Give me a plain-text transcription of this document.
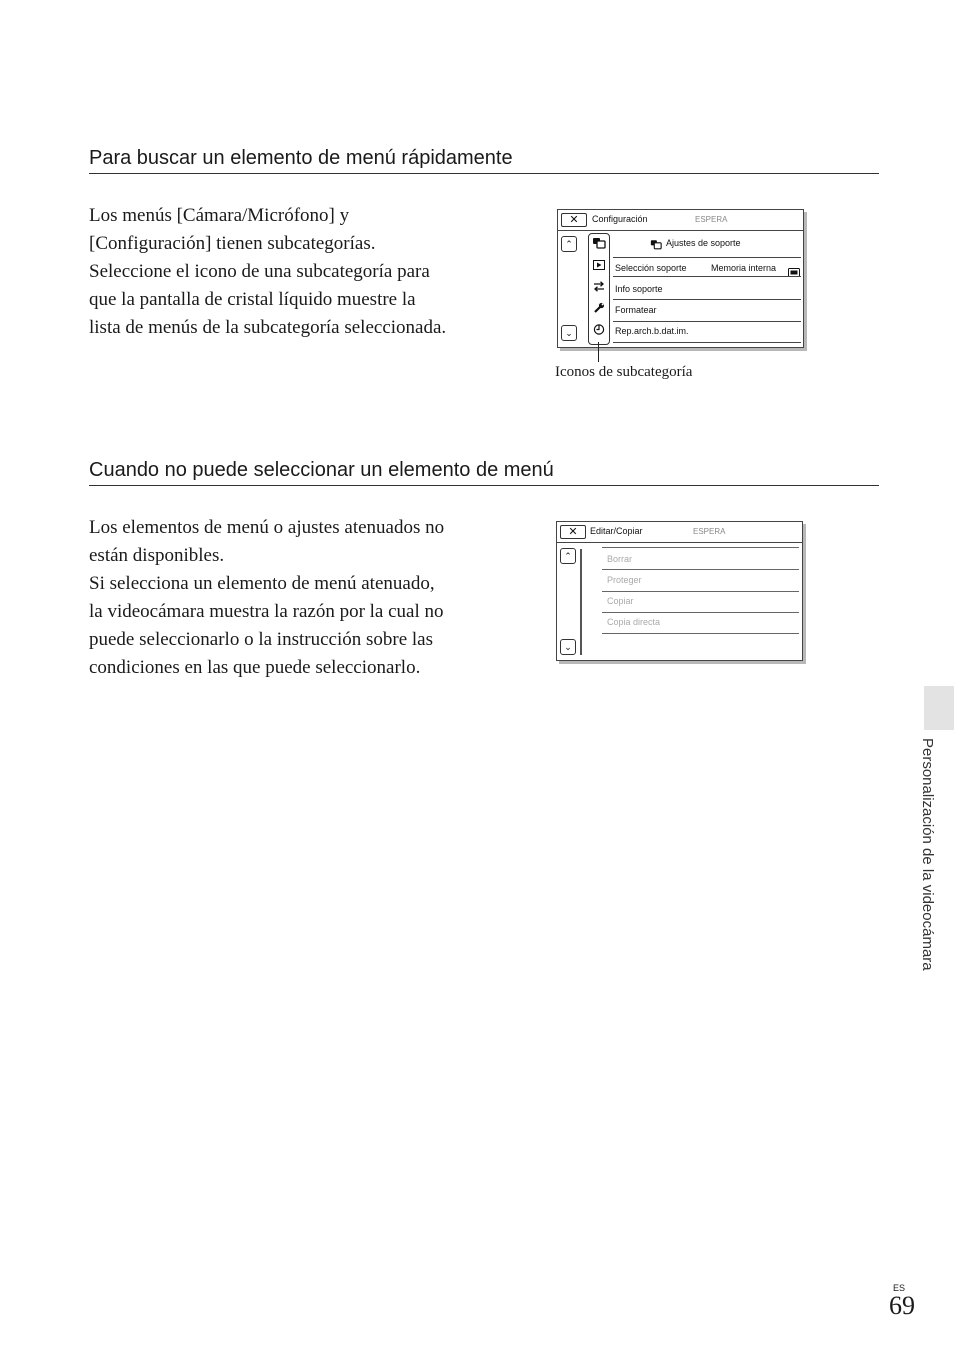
Para buscar un elemento de menú rápidamente
Los menús [Cámara/Micrófono] y
[Configuración] tienen subcategorías.
Seleccione el icono de una subcategoría para
que la pantalla de cristal líquido muestre la
lista de menús de la subcategoría seleccionada.
✕	Configuración	ESPERA
⌃
⌄
Ajustes de soporte
Selección soporte	Memoria interna
Info soporte
Formatear
Rep.arch.b.dat.im.
Iconos de subcategoría
Cuando no puede seleccionar un elemento de menú
Los elementos de menú o ajustes atenuados no
están disponibles.
Si selecciona un elemento de menú atenuado,
la videocámara muestra la razón por la cual no
puede seleccionarlo o la instrucción sobre las
condiciones en las que puede seleccionarlo.
✕	Editar/Copiar	ESPERA
⌃
⌄
Borrar
Proteger
Copiar
Copia directa
Personalización de la videocámara
ES
69
